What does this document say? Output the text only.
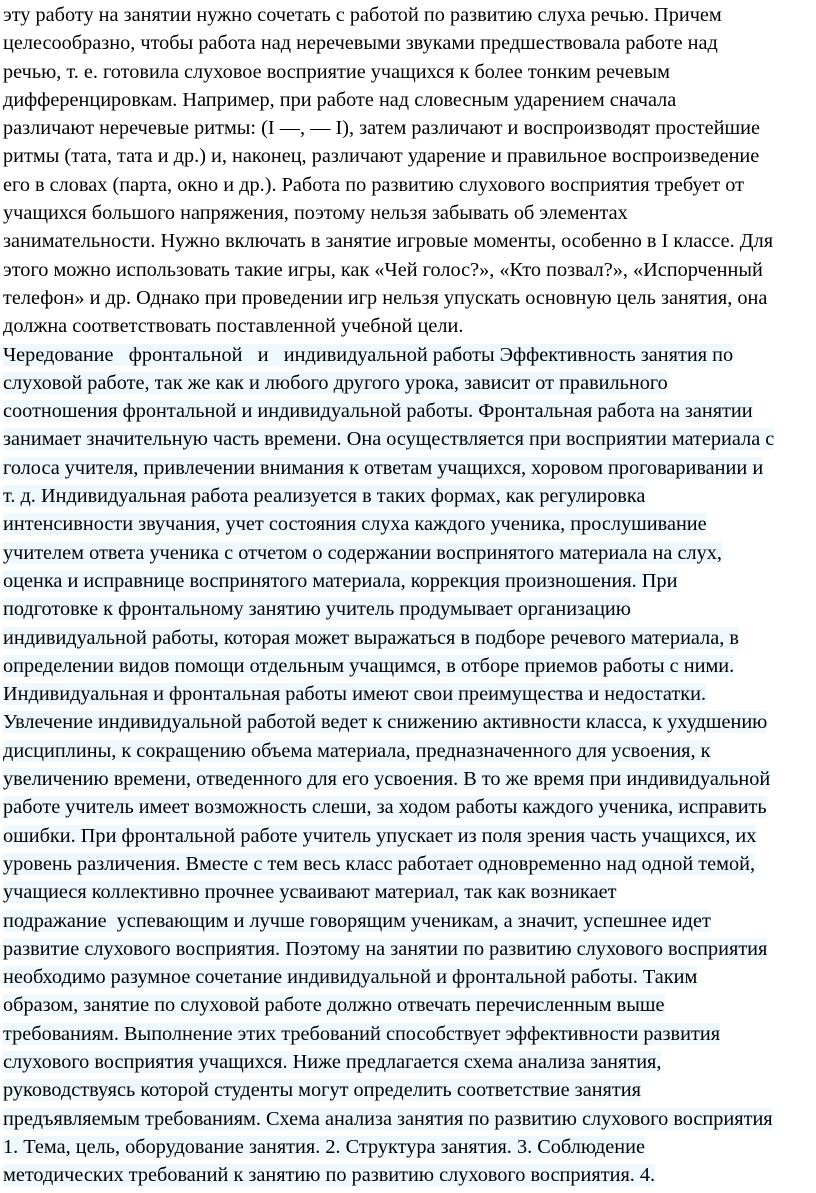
эту работу на занятии нужно сочетать с работой по развитию слуха речью. Причем
целесообразно, чтобы работа над неречевыми звуками предшествовала работе над
речью, т. е. готовила слуховое восприятие учащихся к более тонким речевым
дифференцировкам. Например, при работе над словесным ударением сначала
различают неречевые ритмы: (I —, — I), затем различают и воспроизводят простейшие
ритмы (тата, тата и др.) и, наконец, различают ударение и правильное воспроизведение
его в словах (парта, окно и др.). Работа по развитию слухового восприятия требует от
учащихся большого напряжения, поэтому нельзя забывать об элементах
занимательности. Нужно включать в занятие игровые моменты, особенно в I классе. Для
этого можно использовать такие игры, как «Чей голос?», «Кто позвал?», «Испорченный
телефон» и др. Однако при проведении игр нельзя упускать основную цель занятия, она
должна соответствовать поставленной учебной цели.
Чередование   фронтальной   и   индивидуальной работы Эффективность занятия по
слуховой работе, так же как и любого другого урока, зависит от правильного
соотношения фронтальной и индивидуальной работы. Фронтальная работа на занятии
занимает значительную часть времени. Она осуществляется при восприятии материала с
голоса учителя, привлечении внимания к ответам учащихся, хоровом проговаривании и
т. д. Индивидуальная работа реализуется в таких формах, как регулировка
интенсивности звучания, учет состояния слуха каждого ученика, прослушивание
учителем ответа ученика с отчетом о содержании воспринятого материала на слух,
оценка и исправнице воспринятого материала, коррекция произношения. При
подготовке к фронтальному занятию учитель продумывает организацию
индивидуальной работы, которая может выражаться в подборе речевого материала, в
определении видов помощи отдельным учащимся, в отборе приемов работы с ними.
Индивидуальная и фронтальная работы имеют свои преимущества и недостатки.
Увлечение индивидуальной работой ведет к снижению активности класса, к ухудшению
дисциплины, к сокращению объема материала, предназначенного для усвоения, к
увеличению времени, отведенного для его усвоения. В то же время при индивидуальной
работе учитель имеет возможность слеши, за ходом работы каждого ученика, исправить
ошибки. При фронтальной работе учитель упускает из поля зрения часть учащихся, их
уровень различения. Вместе с тем весь класс работает одновременно над одной темой,
учащиеся коллективно прочнее усваивают материал, так как возникает
подражание  успевающим и лучше говорящим ученикам, а значит, успешнее идет
развитие слухового восприятия. Поэтому на занятии по развитию слухового восприятия
необходимо разумное сочетание индивидуальной и фронтальной работы. Таким
образом, занятие по слуховой работе должно отвечать перечисленным выше
требованиям. Выполнение этих требований способствует эффективности развития
слухового восприятия учащихся. Ниже предлагается схема анализа занятия,
руководствуясь которой студенты могут определить соответствие занятия
предъявляемым требованиям. Схема анализа занятия по развитию слухового восприятия
1. Тема, цель, оборудование занятия. 2. Структура занятия. 3. Соблюдение
методических требований к занятию по развитию слухового восприятия. 4.
